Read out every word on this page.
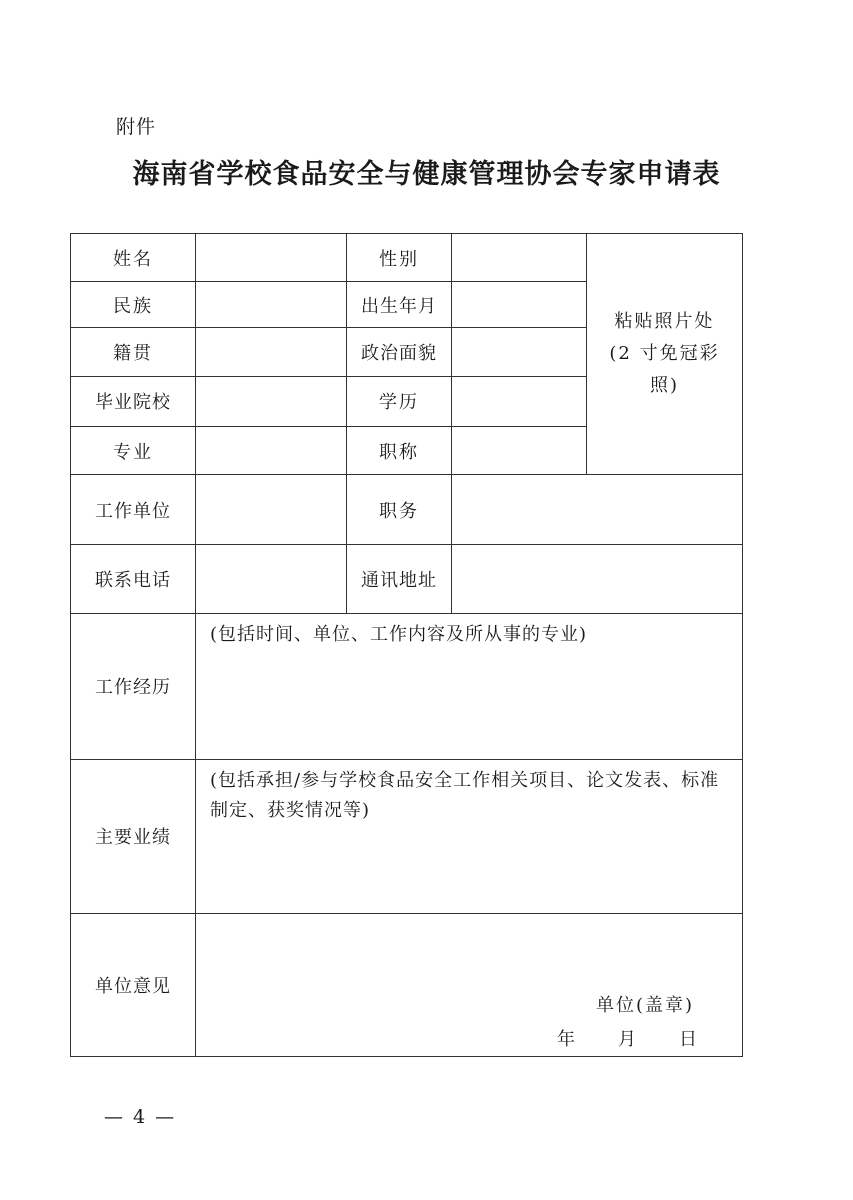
附件
海南省学校食品安全与健康管理协会专家申请表
姓名		性别		粘贴照片处
(2 寸免冠彩
照)

民族		出生年月		
籍贯		政治面貌		
毕业院校		学历		
专业		职称		
工作单位		职务		
联系电话		通讯地址		
工作经历	(包括时间、单位、工作内容及所从事的专业)			

主要业绩	(包括承担/参与学校食品安全工作相关项目、论文发表、标准制定、获奖情况等)			

单位意见	单位(盖章)
年 月 日			
— 4 —
